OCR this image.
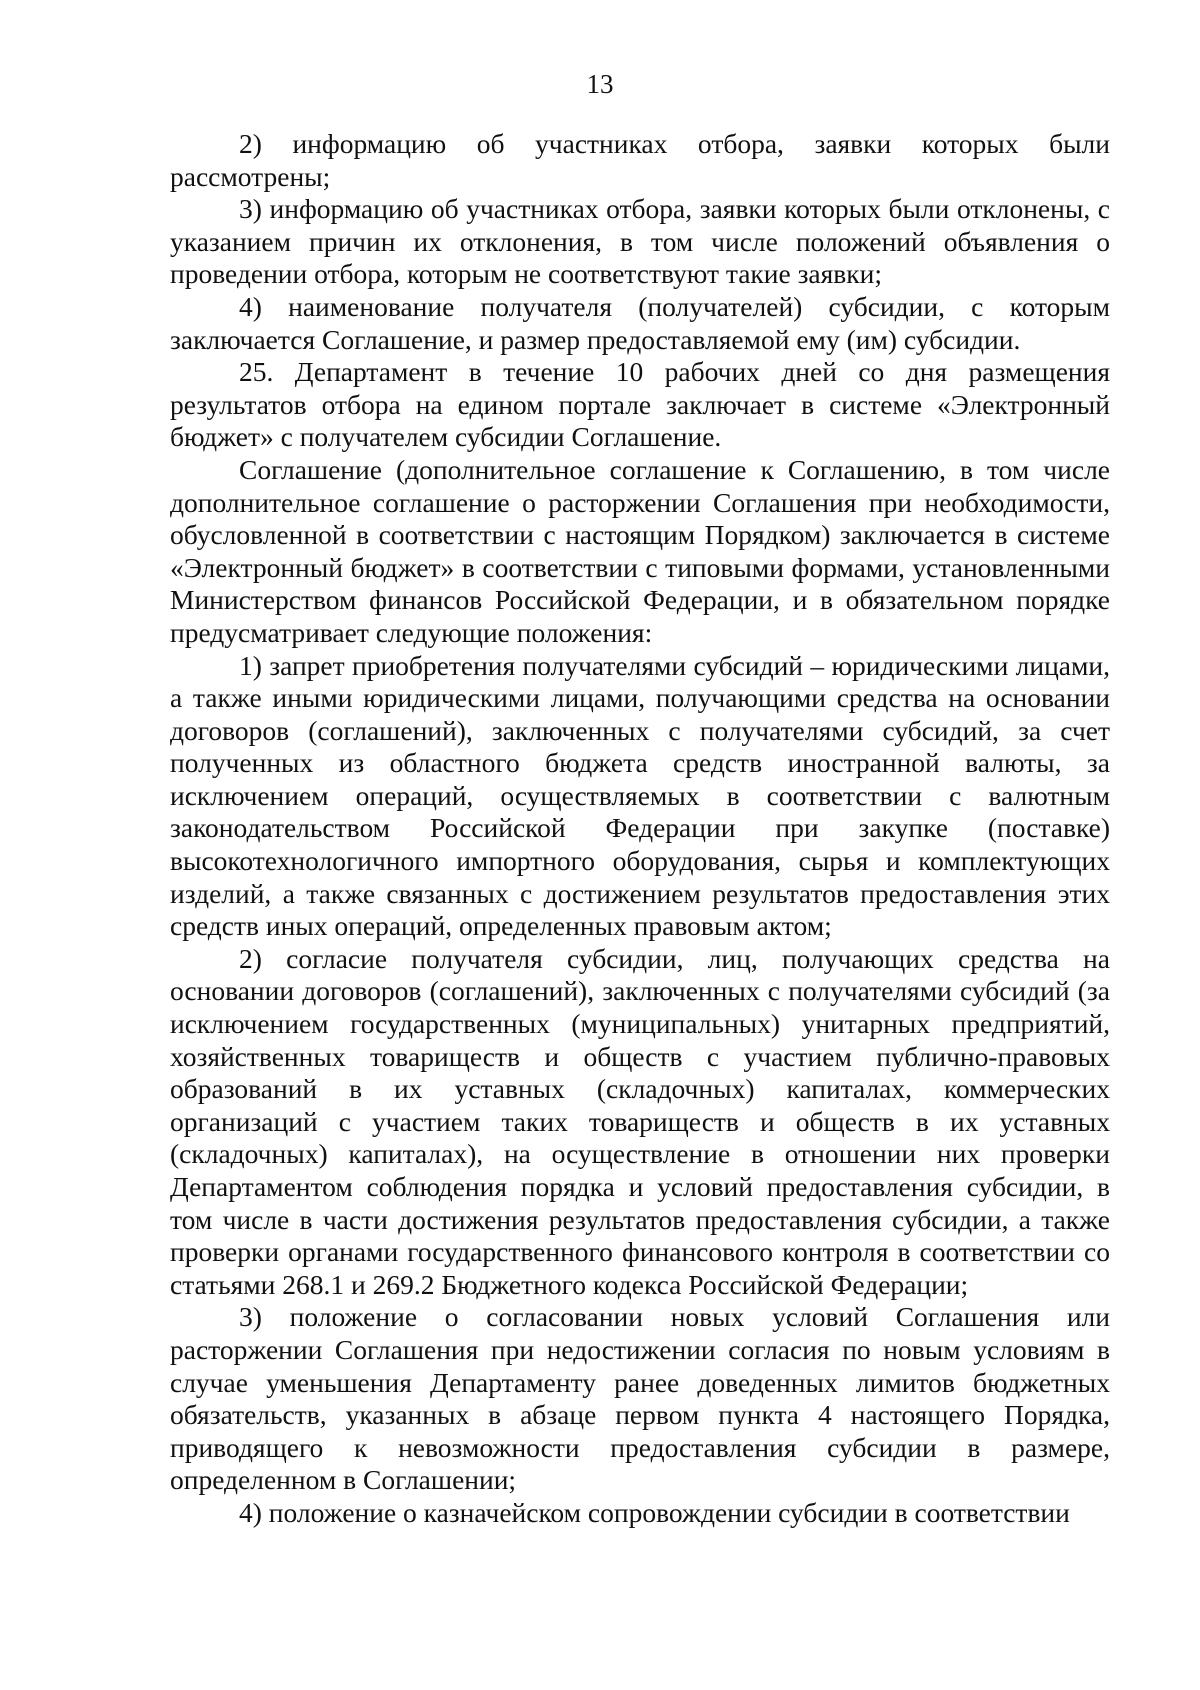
13

2) информацию об участниках отбора, заявки которых были рассмотрены;

3) информацию об участниках отбора, заявки которых были отклонены, с указанием причин их отклонения, в том числе положений объявления о проведении отбора, которым не соответствуют такие заявки;

4) наименование получателя (получателей) субсидии, с которым заключается Соглашение, и размер предоставляемой ему (им) субсидии.

25. Департамент в течение 10 рабочих дней со дня размещения результатов отбора на едином портале заключает в системе «Электронный бюджет» с получателем субсидии Соглашение.

Соглашение (дополнительное соглашение к Соглашению, в том числе дополнительное соглашение о расторжении Соглашения при необходимости, обусловленной в соответствии с настоящим Порядком) заключается в системе «Электронный бюджет» в соответствии с типовыми формами, установленными Министерством финансов Российской Федерации, и в обязательном порядке предусматривает следующие положения:

1) запрет приобретения получателями субсидий – юридическими лицами, а также иными юридическими лицами, получающими средства на основании договоров (соглашений), заключенных с получателями субсидий, за счет полученных из областного бюджета средств иностранной валюты, за исключением операций, осуществляемых в соответствии с валютным законодательством Российской Федерации при закупке (поставке) высокотехнологичного импортного оборудования, сырья и комплектующих изделий, а также связанных с достижением результатов предоставления этих средств иных операций, определенных правовым актом;

2) согласие получателя субсидии, лиц, получающих средства на основании договоров (соглашений), заключенных с получателями субсидий (за исключением государственных (муниципальных) унитарных предприятий, хозяйственных товариществ и обществ с участием публично-правовых образований в их уставных (складочных) капиталах, коммерческих организаций с участием таких товариществ и обществ в их уставных (складочных) капиталах), на осуществление в отношении них проверки Департаментом соблюдения порядка и условий предоставления субсидии, в том числе в части достижения результатов предоставления субсидии, а также проверки органами государственного финансового контроля в соответствии со статьями 268.1 и 269.2 Бюджетного кодекса Российской Федерации;

3) положение о согласовании новых условий Соглашения или расторжении Соглашения при недостижении согласия по новым условиям в случае уменьшения Департаменту ранее доведенных лимитов бюджетных обязательств, указанных в абзаце первом пункта 4 настоящего Порядка, приводящего к невозможности предоставления субсидии в размере, определенном в Соглашении;

4) положение о казначейском сопровождении субсидии в соответствии
